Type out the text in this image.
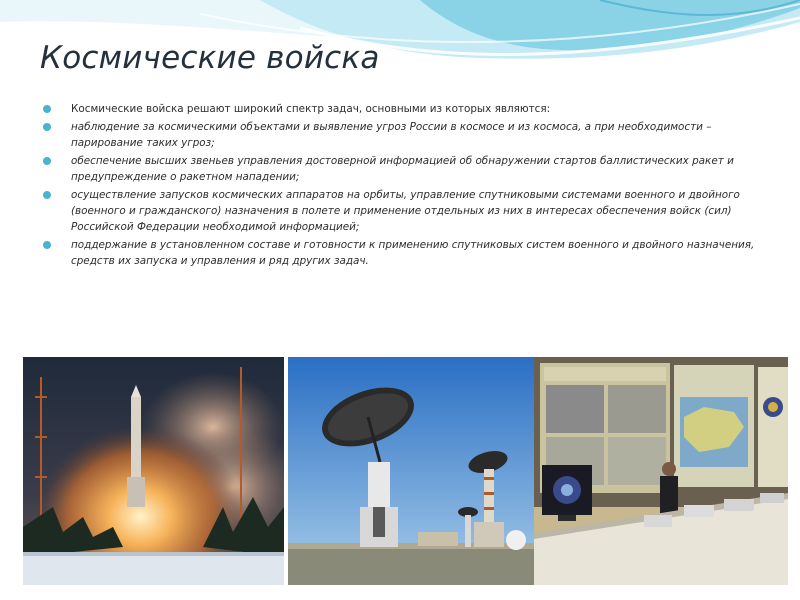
Космические войска
Космические войска решают широкий спектр задач, основными из которых являются:
наблюдение за космическими объектами и выявление угроз России в космосе и из космоса, а при необходимости – парирование таких угроз;
обеспечение высших звеньев управления достоверной информацией об обнаружении стартов баллистических ракет и предупреждение о ракетном нападении;
осуществление запусков космических аппаратов на орбиты, управление спутниковыми системами военного и двойного (военного и гражданского) назначения в полете и применение отдельных из них в интересах обеспечения войск (сил) Российской Федерации необходимой информацией;
поддержание в установленном составе и готовности к применению спутниковых систем военного и двойного назначения, средств их запуска и управления и ряд других задач.
